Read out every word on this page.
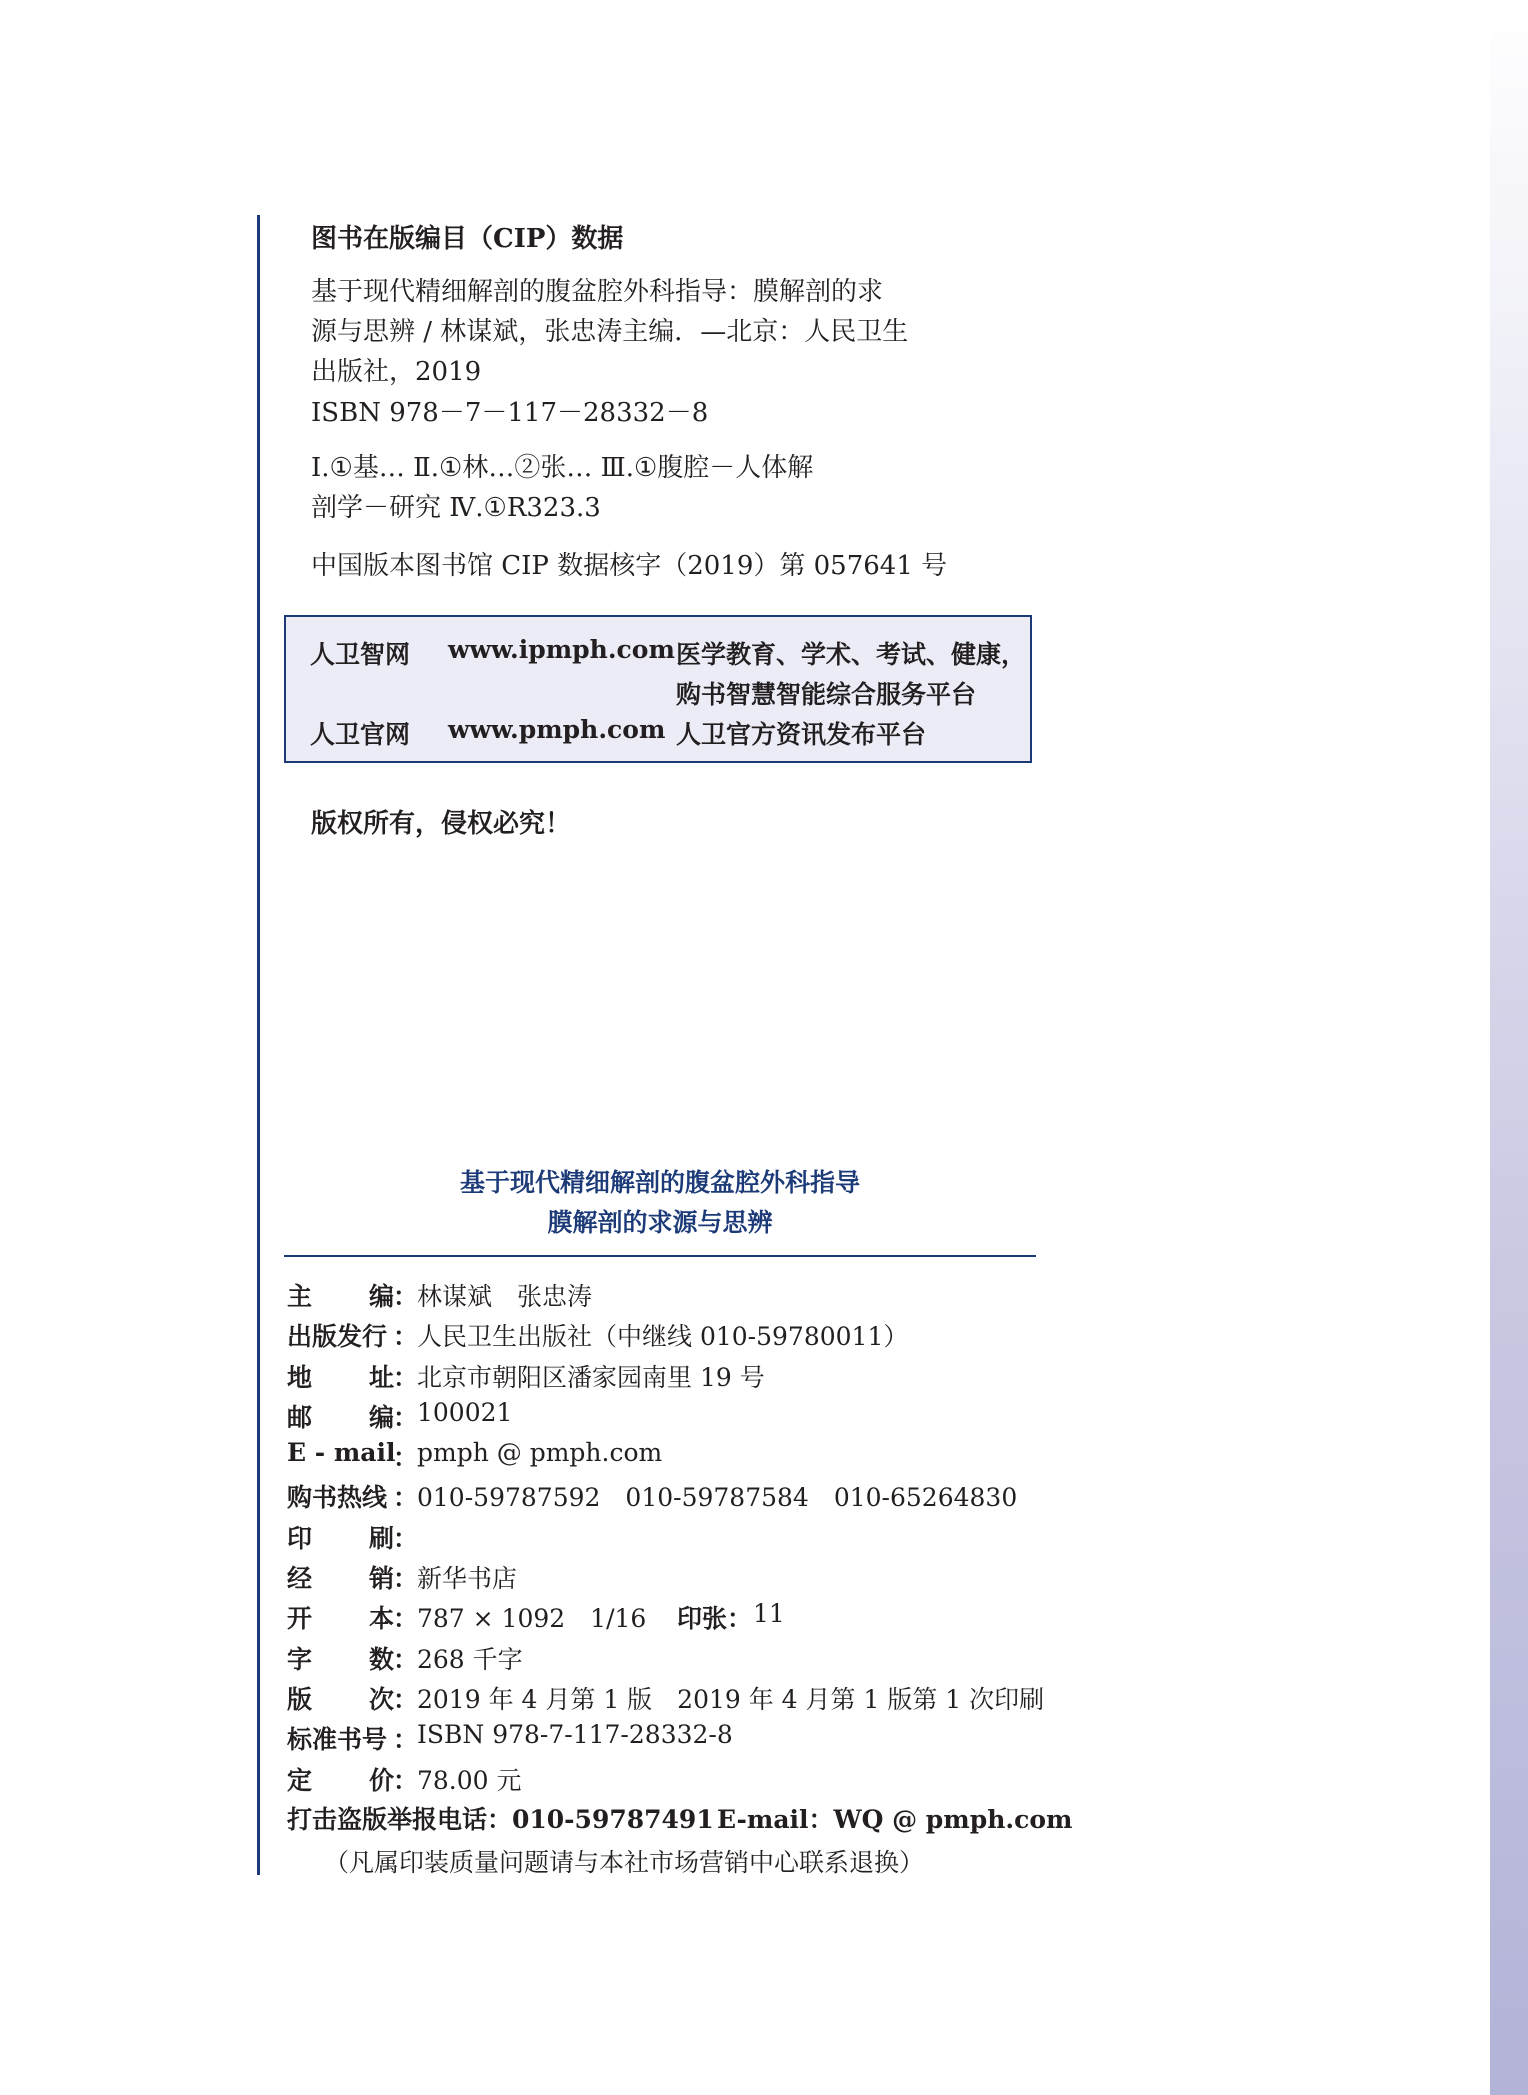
图书在版编目（CIP）数据
基于现代精细解剖的腹盆腔外科指导：膜解剖的求
源与思辨 / 林谋斌，张忠涛主编．—北京：人民卫生
出版社，2019
ISBN 978－7－117－28332－8
Ⅰ.①基… Ⅱ.①林…②张… Ⅲ.①腹腔－人体解
剖学－研究 Ⅳ.①R323.3
中国版本图书馆 CIP 数据核字（2019）第 057641 号
人卫智网 www.ipmph.com 医学教育、学术、考试、健康，
购书智慧智能综合服务平台
人卫官网 www.pmph.com 人卫官方资讯发布平台
版权所有，侵权必究！
基于现代精细解剖的腹盆腔外科指导
膜解剖的求源与思辨
主 编
：
林谋斌　张忠涛
出版发行 ：
人民卫生出版社（中继线 010-59780011）
地 址
：
北京市朝阳区潘家园南里 19 号
邮 编
：
100021
E - mail
：
pmph @ pmph.com
购书热线 ：
010-59787592　010-59787584　010-65264830
印 刷
：
经 销
：
新华书店
开 本
：
787 × 1092　1/16 印张： 11
字 数
：
268 千字
版 次
：
2019 年 4 月第 1 版　2019 年 4 月第 1 版第 1 次印刷
标准书号 ：
ISBN 978-7-117-28332-8
定 价
：
78.00 元
打击盗版举报电话：010-59787491 E-mail：WQ @ pmph.com
（凡属印装质量问题请与本社市场营销中心联系退换）
